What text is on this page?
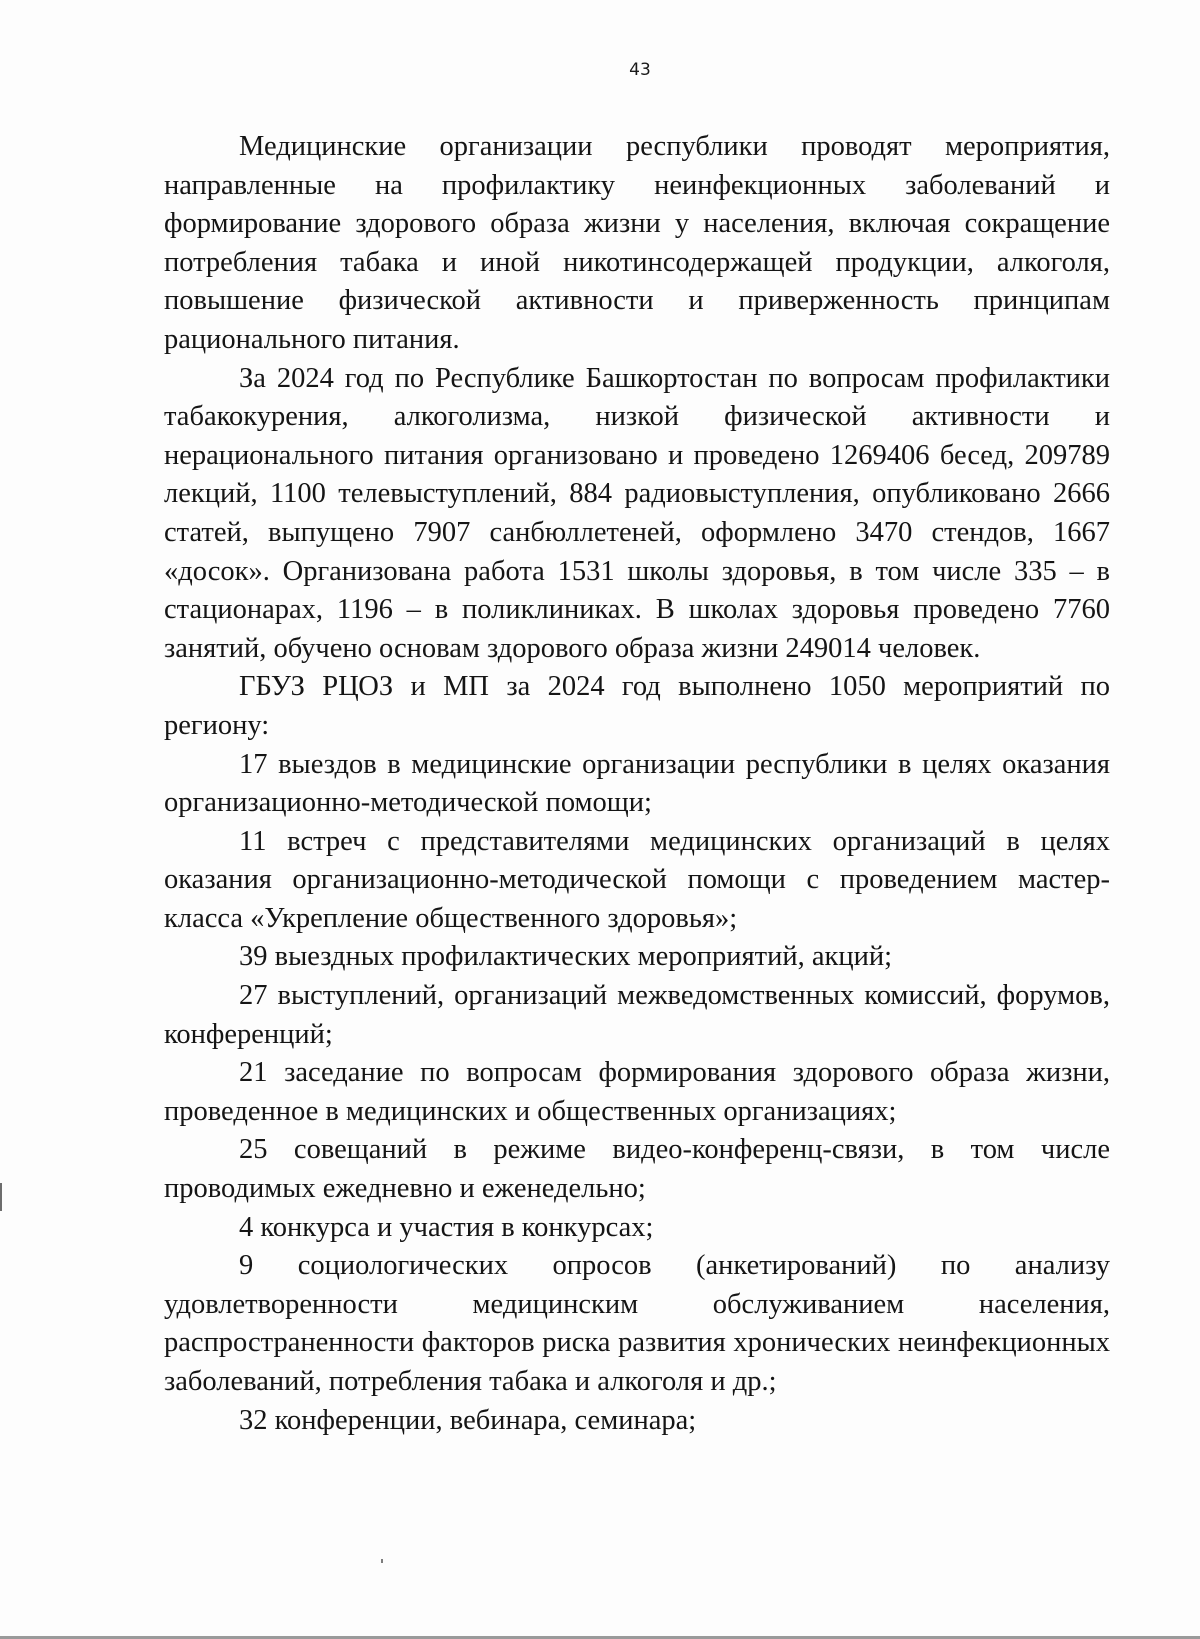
43

Медицинские организации республики проводят мероприятия, направленные на профилактику неинфекционных заболеваний и формирование здорового образа жизни у населения, включая сокращение потребления табака и иной никотинсодержащей продукции, алкоголя, повышение физической активности и приверженность принципам рационального питания.

За 2024 год по Республике Башкортостан по вопросам профилактики табакокурения, алкоголизма, низкой физической активности и нерационального питания организовано и проведено 1269406 бесед, 209789 лекций, 1100 телевыступлений, 884 радиовыступления, опубликовано 2666 статей, выпущено 7907 санбюллетеней, оформлено 3470 стендов, 1667 «досок». Организована работа 1531 школы здоровья, в том числе 335 – в стационарах, 1196 – в поликлиниках. В школах здоровья проведено 7760 занятий, обучено основам здорового образа жизни 249014 человек.

ГБУЗ РЦОЗ и МП за 2024 год выполнено 1050 мероприятий по региону:

17 выездов в медицинские организации республики в целях оказания организационно-методической помощи;

11 встреч с представителями медицинских организаций в целях оказания организационно-методической помощи с проведением мастер-класса «Укрепление общественного здоровья»;

39 выездных профилактических мероприятий, акций;

27 выступлений, организаций межведомственных комиссий, форумов, конференций;

21 заседание по вопросам формирования здорового образа жизни, проведенное в медицинских и общественных организациях;

25 совещаний в режиме видео-конференц-связи, в том числе проводимых ежедневно и еженедельно;

4 конкурса и участия в конкурсах;

9 социологических опросов (анкетирований) по анализу удовлетворенности медицинским обслуживанием населения, распространенности факторов риска развития хронических неинфекционных заболеваний, потребления табака и алкоголя и др.;

32 конференции, вебинара, семинара;
